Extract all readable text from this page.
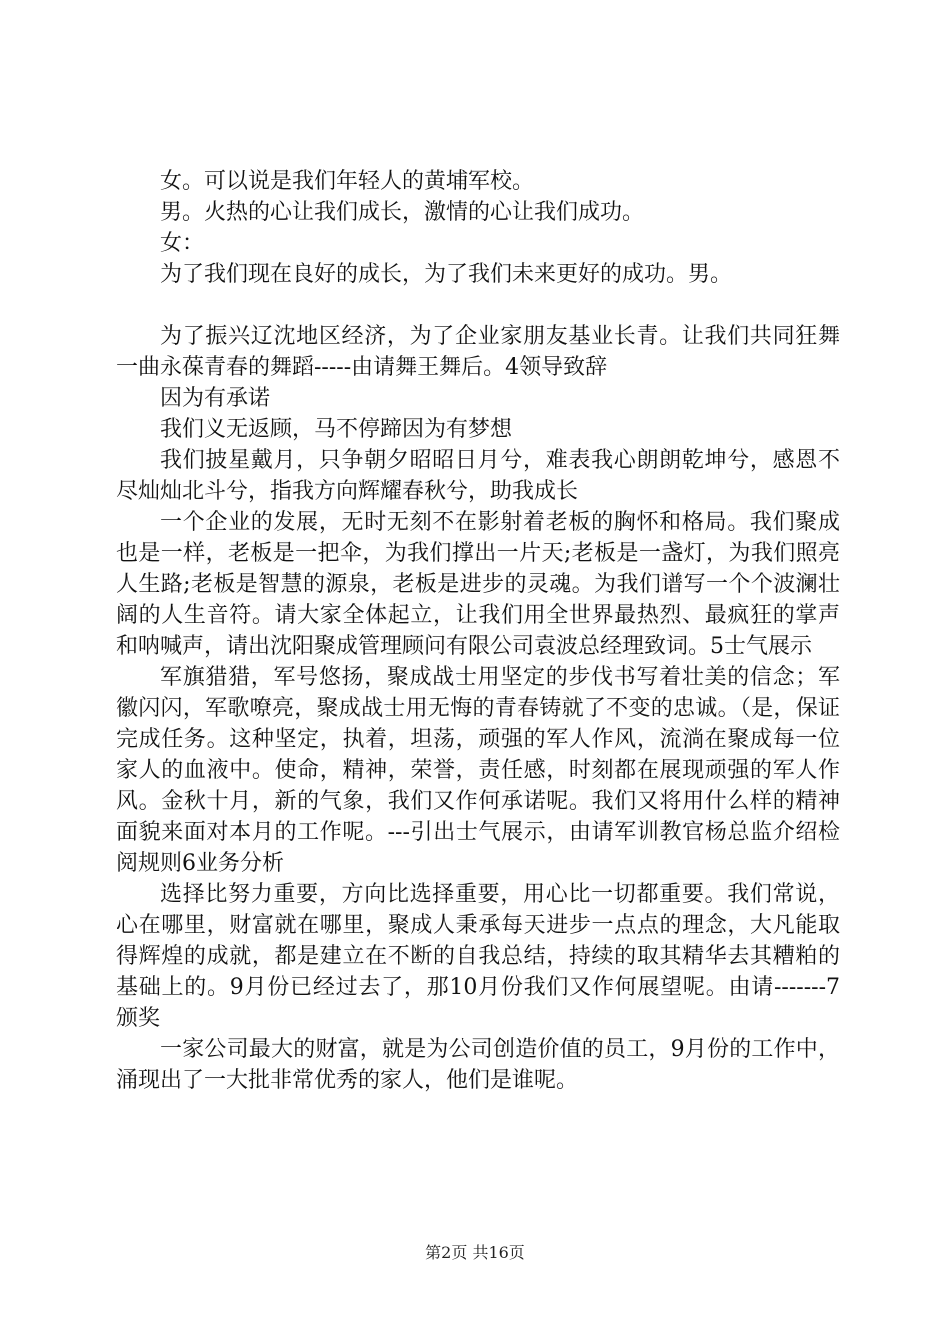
女。可以说是我们年轻人的黄埔军校。

男。火热的心让我们成长，激情的心让我们成功。

女：

为了我们现在良好的成长，为了我们未来更好的成功。男。

为了振兴辽沈地区经济，为了企业家朋友基业长青。让我们共同狂舞一曲永葆青春的舞蹈-----由请舞王舞后。4领导致辞

因为有承诺

我们义无返顾，马不停蹄因为有梦想

我们披星戴月，只争朝夕昭昭日月兮，难表我心朗朗乾坤兮，感恩不尽灿灿北斗兮，指我方向辉耀春秋兮，助我成长

一个企业的发展，无时无刻不在影射着老板的胸怀和格局。我们聚成也是一样，老板是一把伞，为我们撑出一片天;老板是一盏灯，为我们照亮人生路;老板是智慧的源泉，老板是进步的灵魂。为我们谱写一个个波澜壮阔的人生音符。请大家全体起立，让我们用全世界最热烈、最疯狂的掌声和呐喊声，请出沈阳聚成管理顾问有限公司袁波总经理致词。5士气展示

军旗猎猎，军号悠扬，聚成战士用坚定的步伐书写着壮美的信念；军徽闪闪，军歌嘹亮，聚成战士用无悔的青春铸就了不变的忠诚。（是，保证完成任务。这种坚定，执着，坦荡，顽强的军人作风，流淌在聚成每一位家人的血液中。使命，精神，荣誉，责任感，时刻都在展现顽强的军人作风。金秋十月，新的气象，我们又作何承诺呢。我们又将用什么样的精神面貌来面对本月的工作呢。---引出士气展示，由请军训教官杨总监介绍检阅规则6业务分析

选择比努力重要，方向比选择重要，用心比一切都重要。我们常说，心在哪里，财富就在哪里，聚成人秉承每天进步一点点的理念，大凡能取得辉煌的成就，都是建立在不断的自我总结，持续的取其精华去其糟粕的基础上的。9月份已经过去了，那10月份我们又作何展望呢。由请-------7颁奖

一家公司最大的财富，就是为公司创造价值的员工，9月份的工作中，涌现出了一大批非常优秀的家人，他们是谁呢。

第2页 共16页
